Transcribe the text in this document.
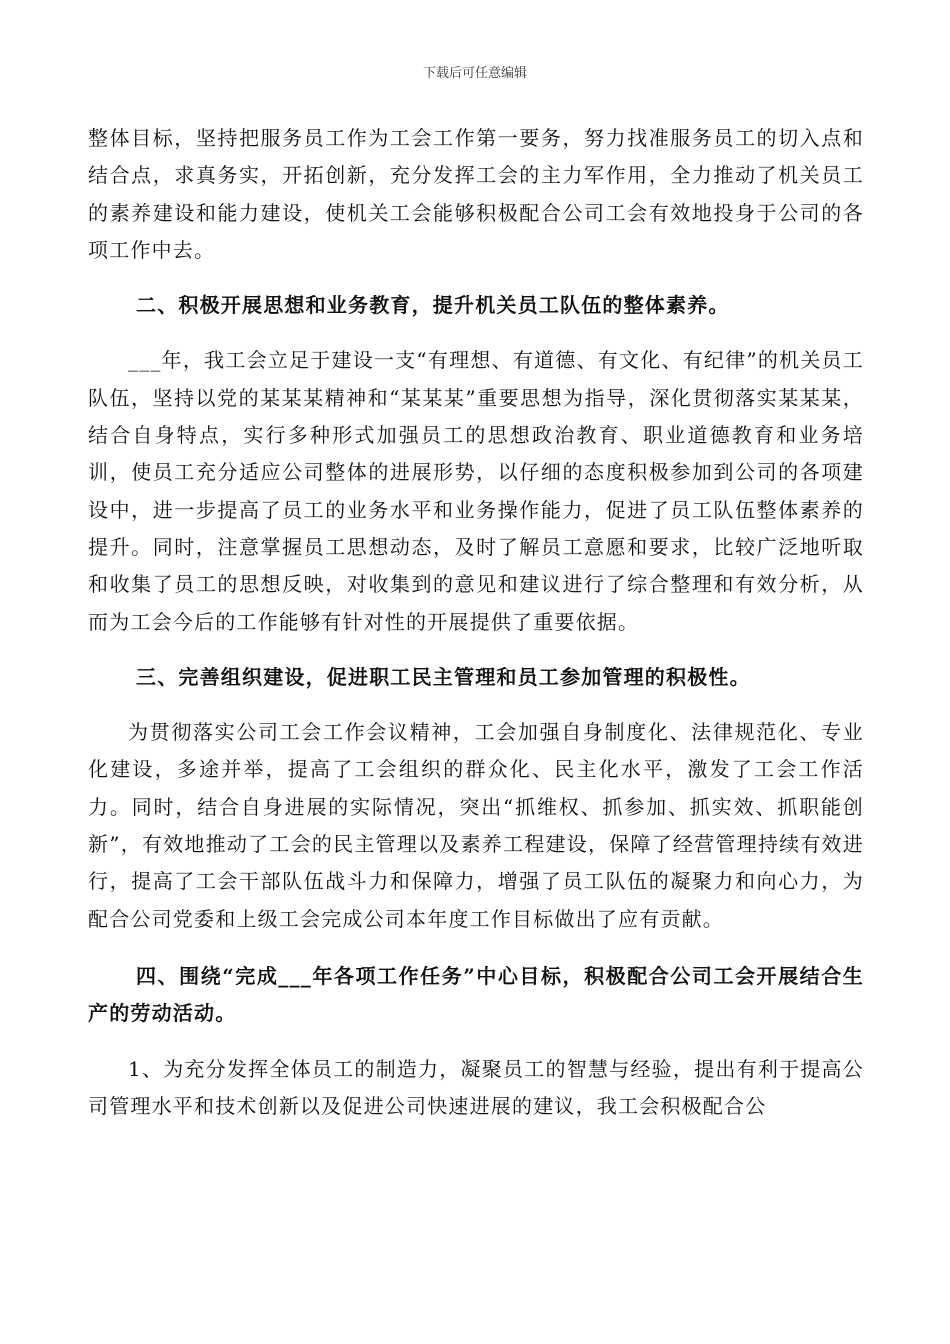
下载后可任意编辑

整体目标，坚持把服务员工作为工会工作第一要务，努力找准服务员工的切入点和结合点，求真务实，开拓创新，充分发挥工会的主力军作用，全力推动了机关员工的素养建设和能力建设，使机关工会能够积极配合公司工会有效地投身于公司的各项工作中去。

二、积极开展思想和业务教育，提升机关员工队伍的整体素养。

___年，我工会立足于建设一支“有理想、有道德、有文化、有纪律”的机关员工队伍，坚持以党的某某某精神和“某某某”重要思想为指导，深化贯彻落实某某某，结合自身特点，实行多种形式加强员工的思想政治教育、职业道德教育和业务培训，使员工充分适应公司整体的进展形势，以仔细的态度积极参加到公司的各项建设中，进一步提高了员工的业务水平和业务操作能力，促进了员工队伍整体素养的提升。同时，注意掌握员工思想动态，及时了解员工意愿和要求，比较广泛地听取和收集了员工的思想反映，对收集到的意见和建议进行了综合整理和有效分析，从而为工会今后的工作能够有针对性的开展提供了重要依据。

三、完善组织建设，促进职工民主管理和员工参加管理的积极性。

为贯彻落实公司工会工作会议精神，工会加强自身制度化、法律规范化、专业化建设，多途并举，提高了工会组织的群众化、民主化水平，激发了工会工作活力。同时，结合自身进展的实际情况，突出“抓维权、抓参加、抓实效、抓职能创新”，有效地推动了工会的民主管理以及素养工程建设，保障了经营管理持续有效进行，提高了工会干部队伍战斗力和保障力，增强了员工队伍的凝聚力和向心力，为配合公司党委和上级工会完成公司本年度工作目标做出了应有贡献。

四、围绕“完成___年各项工作任务”中心目标，积极配合公司工会开展结合生产的劳动活动。

1、为充分发挥全体员工的制造力，凝聚员工的智慧与经验，提出有利于提高公司管理水平和技术创新以及促进公司快速进展的建议，我工会积极配合公
